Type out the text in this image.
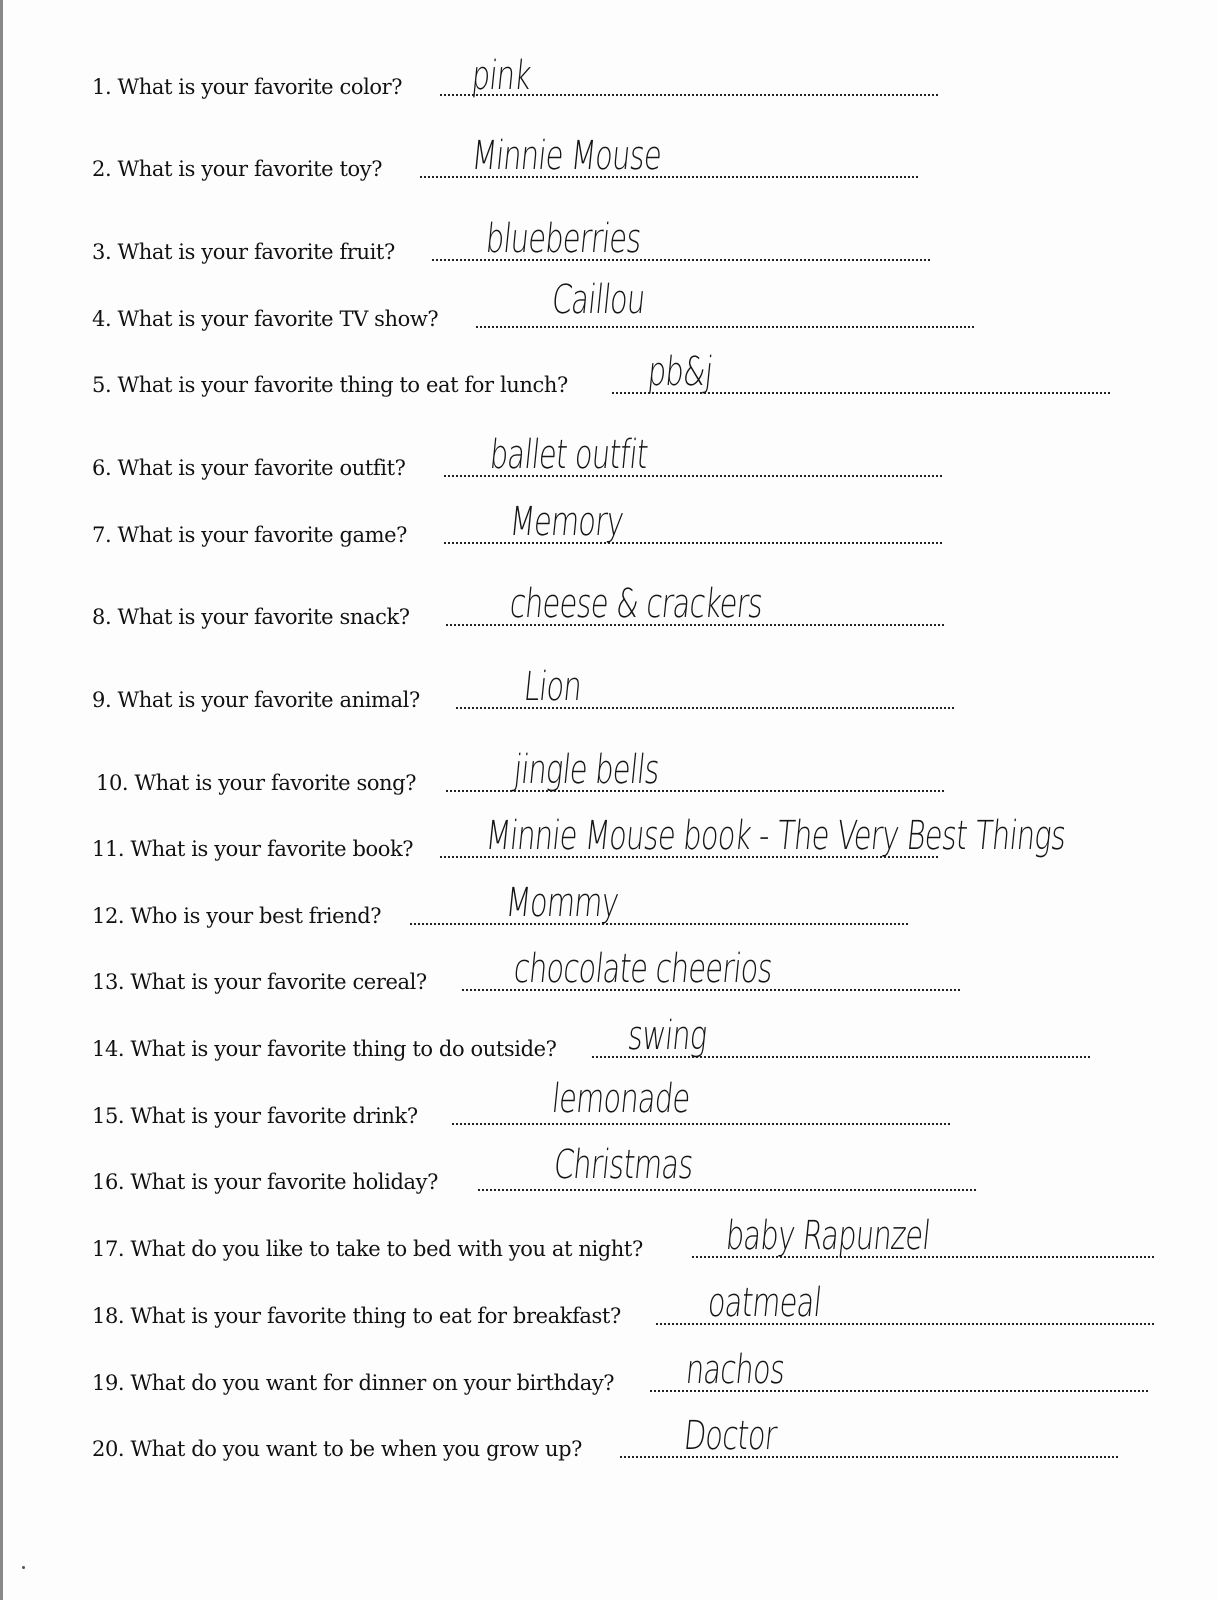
1. What is your favorite color? pink
2. What is your favorite toy? Minnie Mouse
3. What is your favorite fruit? blueberries
4. What is your favorite TV show?	Caillou
5. What is your favorite thing to eat for lunch? pb&j
6. What is your favorite outfit? ballet outfit
7. What is your favorite game?	Memory
8. What is your favorite snack? cheese & crackers
9. What is your favorite animal?	Lion
10. What is your favorite song? jingle bells
11. What is your favorite book? Minnie Mouse book - The Very Best Things
12. Who is your best friend?	Mommy
13. What is your favorite cereal? chocolate cheerios
14. What is your favorite thing to do outside? swing
15. What is your favorite drink?	lemonade
16. What is your favorite holiday?	Christmas
17. What do you like to take to bed with you at night? baby Rapunzel
18. What is your favorite thing to eat for breakfast? oatmeal
19. What do you want for dinner on your birthday? nachos
20. What do you want to be when you grow up? Doctor
